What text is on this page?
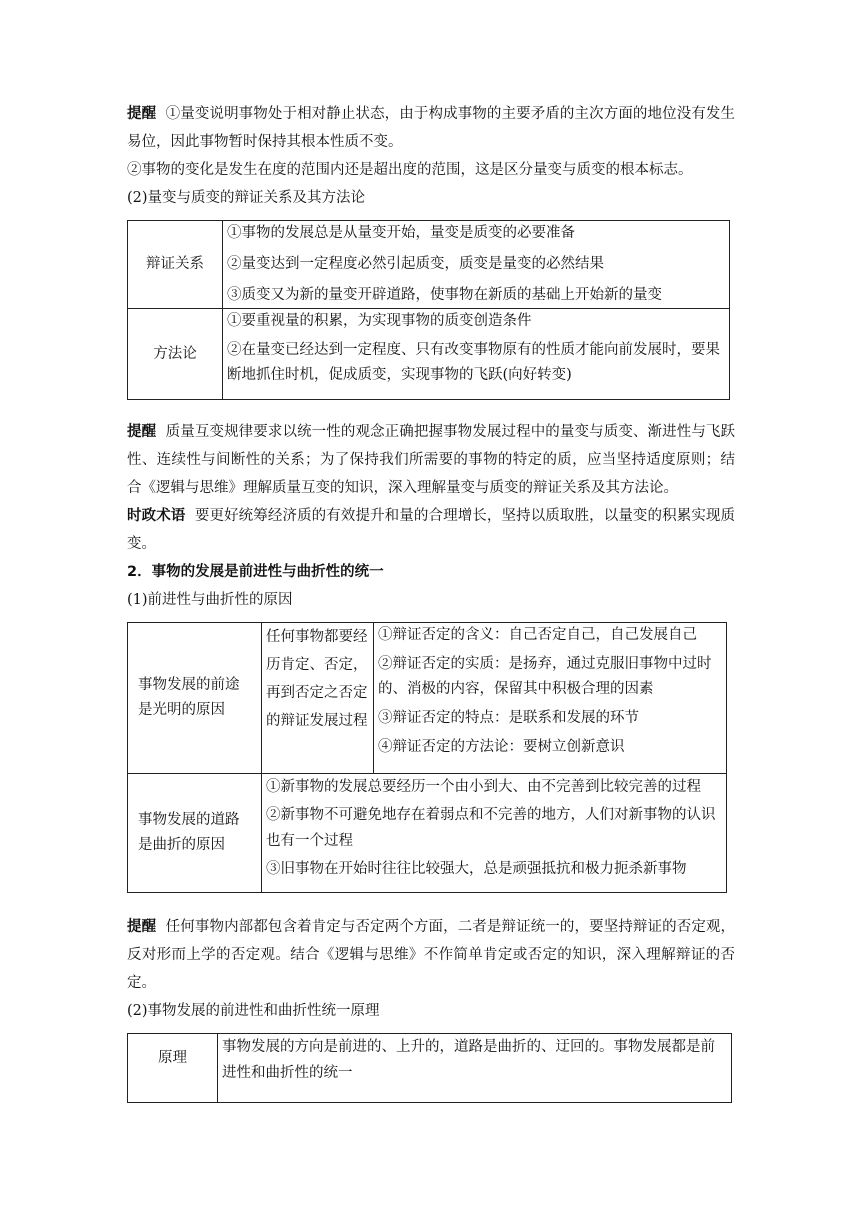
提醒 ①量变说明事物处于相对静止状态，由于构成事物的主要矛盾的主次方面的地位没有发生易位，因此事物暂时保持其根本性质不变。

②事物的变化是发生在度的范围内还是超出度的范围，这是区分量变与质变的根本标志。

(2)量变与质变的辩证关系及其方法论

辩证关系	①事物的发展总是从量变开始，量变是质变的必要准备
②量变达到一定程度必然引起质变，质变是量变的必然结果
③质变又为新的量变开辟道路，使事物在新质的基础上开始新的量变

方法论	①要重视量的积累，为实现事物的质变创造条件
②在量变已经达到一定程度、只有改变事物原有的性质才能向前发展时，要果断地抓住时机，促成质变，实现事物的飞跃(向好转变)

提醒 质量互变规律要求以统一性的观念正确把握事物发展过程中的量变与质变、渐进性与飞跃性、连续性与间断性的关系；为了保持我们所需要的事物的特定的质，应当坚持适度原则；结合《逻辑与思维》理解质量互变的知识，深入理解量变与质变的辩证关系及其方法论。

时政术语 要更好统筹经济质的有效提升和量的合理增长，坚持以质取胜，以量变的积累实现质变。

2．事物的发展是前进性与曲折性的统一

(1)前进性与曲折性的原因

事物发展的前途是光明的原因	任何事物都要经历肯定、否定，再到否定之否定的辩证发展过程	①辩证否定的含义：自己否定自己，自己发展自己
②辩证否定的实质：是扬弃，通过克服旧事物中过时的、消极的内容，保留其中积极合理的因素
③辩证否定的特点：是联系和发展的环节
④辩证否定的方法论：要树立创新意识

事物发展的道路是曲折的原因	①新事物的发展总要经历一个由小到大、由不完善到比较完善的过程
②新事物不可避免地存在着弱点和不完善的地方，人们对新事物的认识也有一个过程
③旧事物在开始时往往比较强大，总是顽强抵抗和极力扼杀新事物	

提醒 任何事物内部都包含着肯定与否定两个方面，二者是辩证统一的，要坚持辩证的否定观，反对形而上学的否定观。结合《逻辑与思维》不作简单肯定或否定的知识，深入理解辩证的否定。

(2)事物发展的前进性和曲折性统一原理

原理	事物发展的方向是前进的、上升的，道路是曲折的、迂回的。事物发展都是前进性和曲折性的统一
